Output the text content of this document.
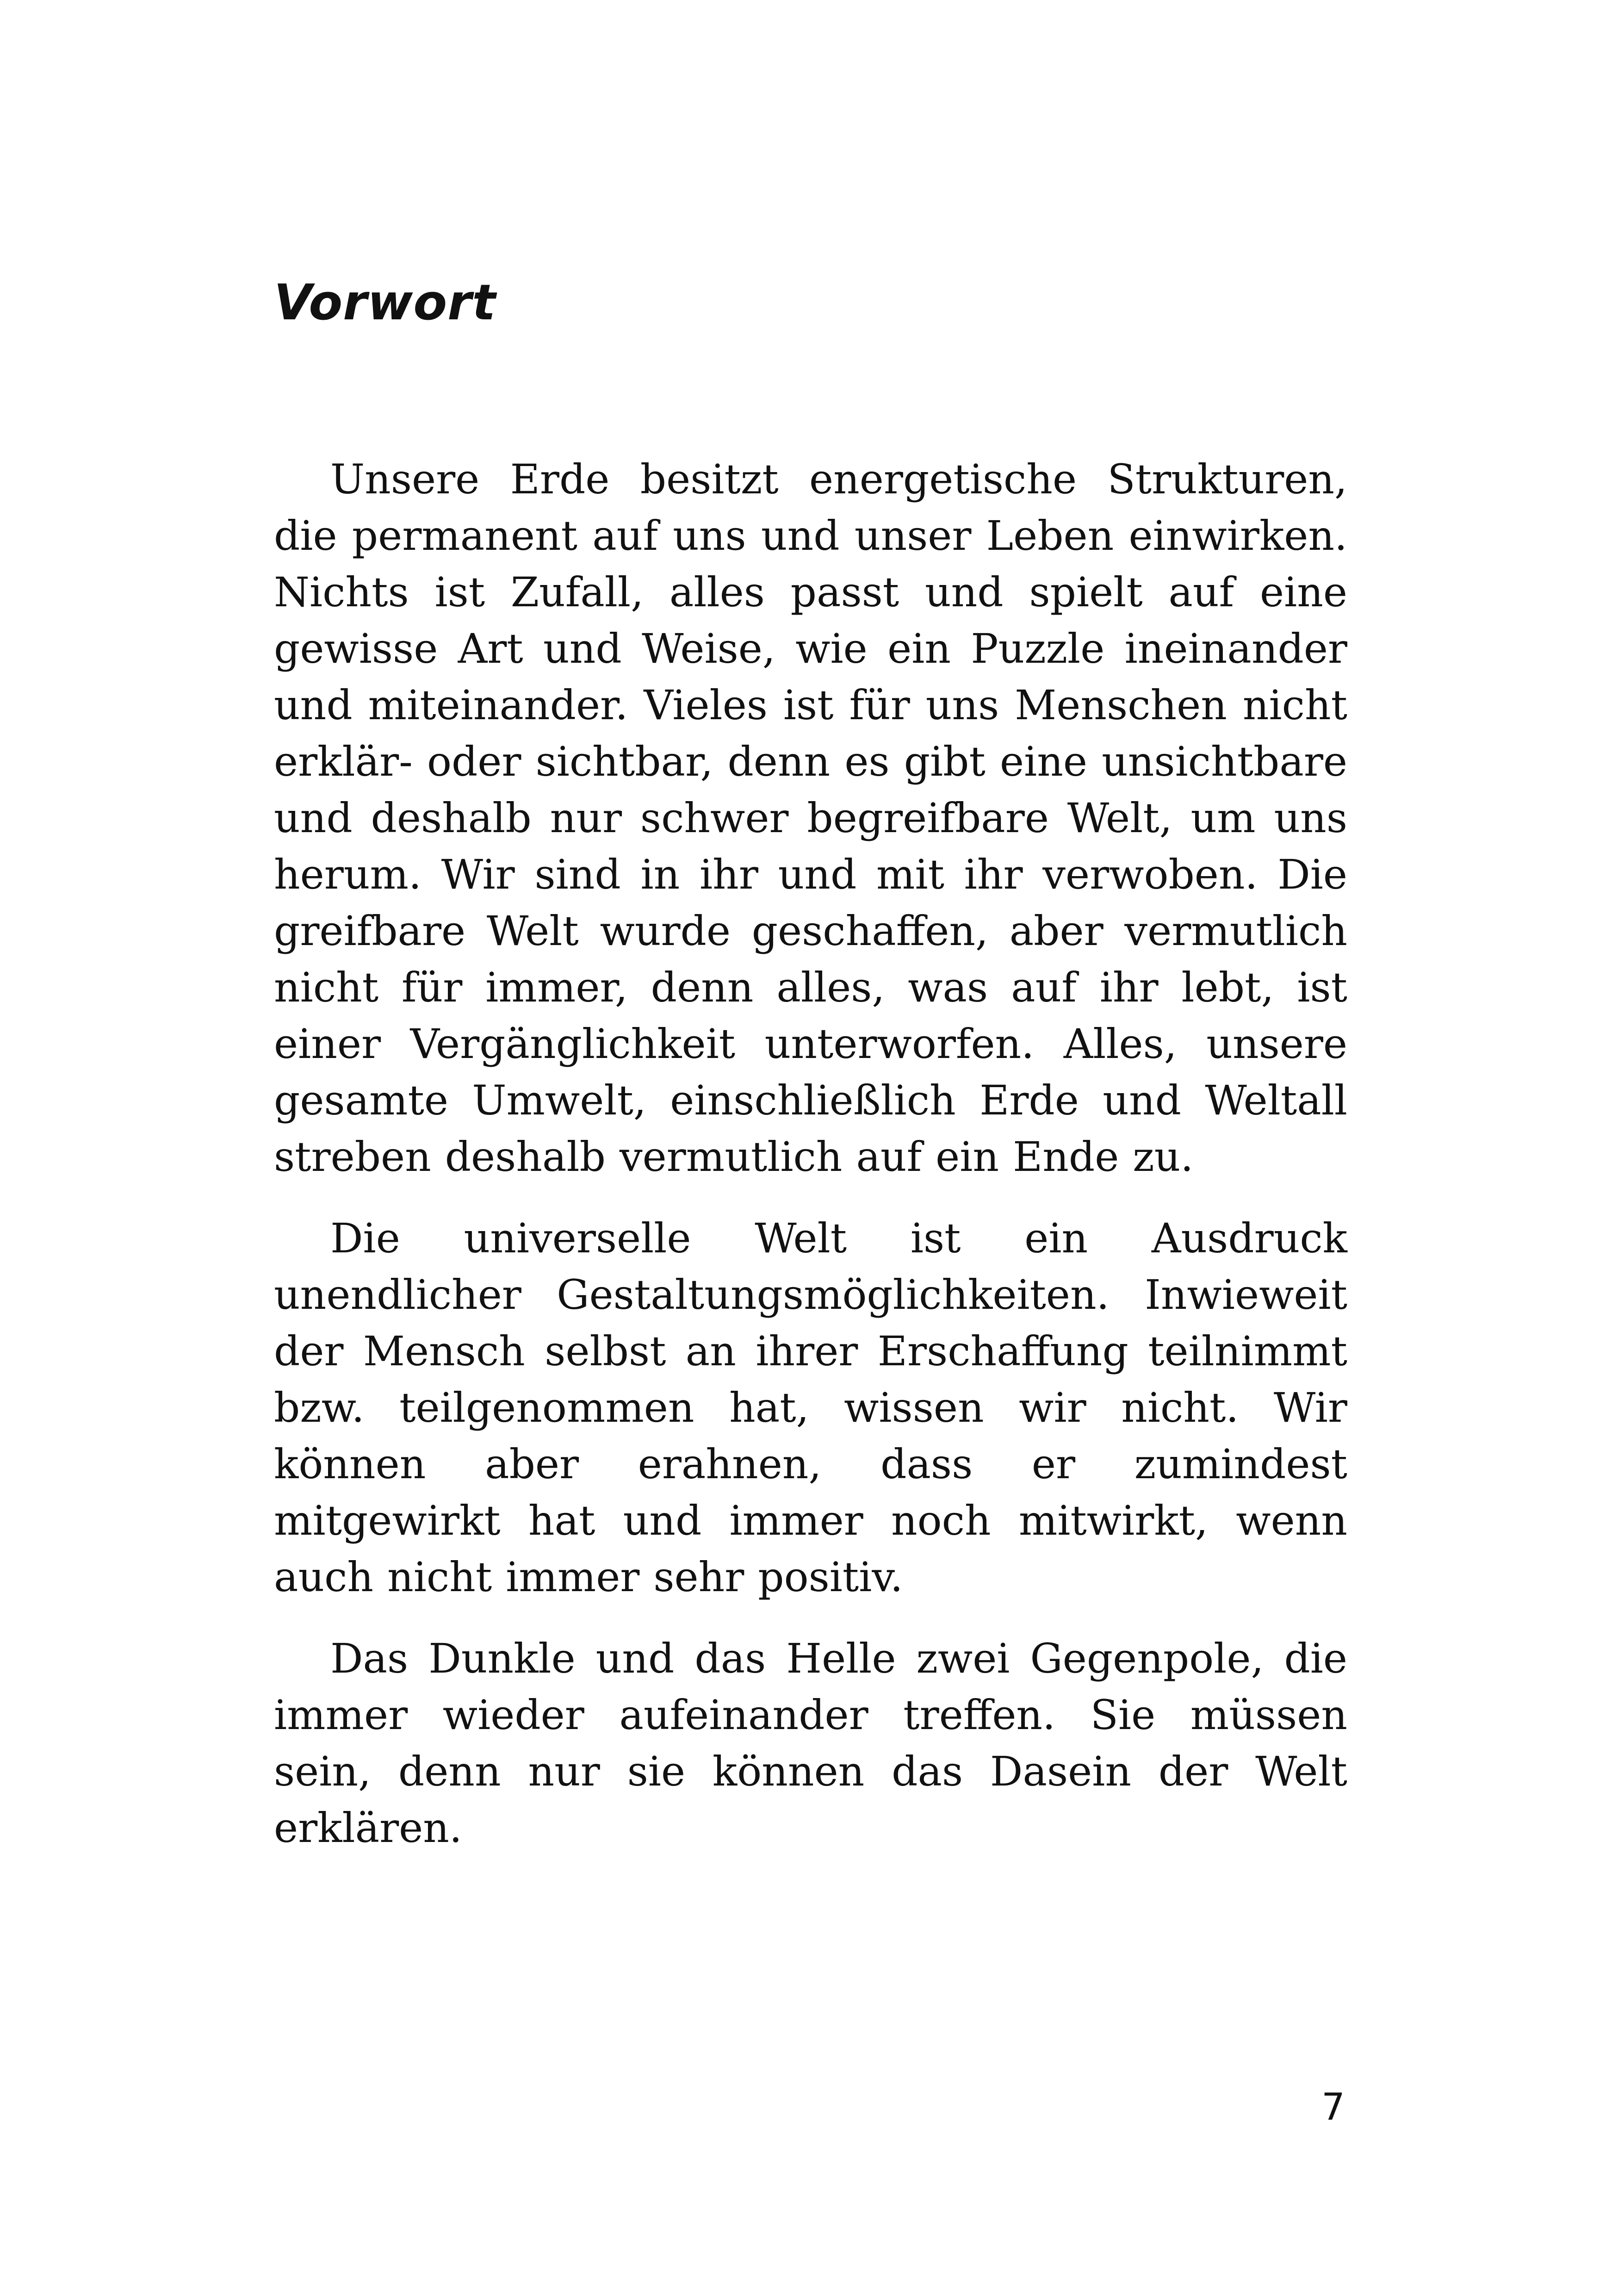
Vorwort

Unsere Erde besitzt energetische Strukturen, die permanent auf uns und unser Leben einwirken. Nichts ist Zufall, alles passt und spielt auf eine gewisse Art und Weise, wie ein Puzzle ineinander und miteinander. Vieles ist für uns Menschen nicht erklär- oder sichtbar, denn es gibt eine unsichtbare und deshalb nur schwer begreifbare Welt, um uns herum. Wir sind in ihr und mit ihr verwoben. Die greifbare Welt wurde geschaffen, aber vermutlich nicht für immer, denn alles, was auf ihr lebt, ist einer Vergänglichkeit unterworfen. Alles, unsere gesamte Umwelt, einschließlich Erde und Weltall streben deshalb vermutlich auf ein Ende zu.

Die universelle Welt ist ein Ausdruck unendlicher Gestaltungsmöglichkeiten. Inwieweit der Mensch selbst an ihrer Erschaffung teilnimmt bzw. teilgenommen hat, wissen wir nicht. Wir können aber erahnen, dass er zumindest mitgewirkt hat und immer noch mitwirkt, wenn auch nicht immer sehr positiv.

Das Dunkle und das Helle zwei Gegenpole, die immer wieder aufeinander treffen. Sie müssen sein, denn nur sie können das Dasein der Welt erklären.

7
